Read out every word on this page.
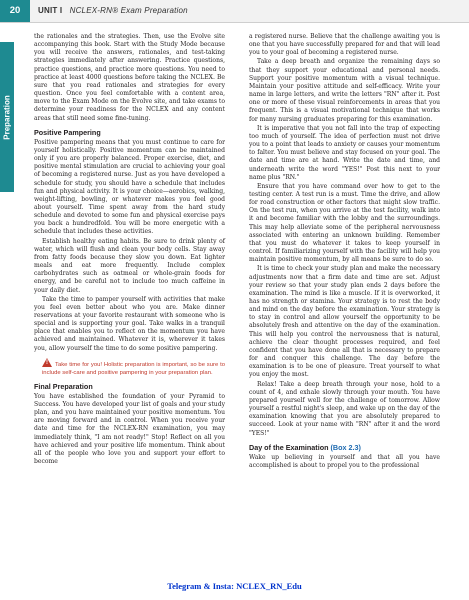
20	UNIT I NCLEX-RN® Exam Preparation
Preparation

the rationales and the strategies. Then, use the Evolve site accompanying this book. Start with the Study Mode because you will receive the answers, rationales, and test-taking strategies immediately after answering. Practice questions, practice questions, and practice more questions. You need to practice at least 4000 questions before taking the NCLEX. Be sure that you read rationales and strategies for every question. Once you feel comfortable with a content area, move to the Exam Mode on the Evolve site, and take exams to determine your readiness for the NCLEX and any content areas that still need some fine-tuning.

Positive Pampering

Positive pampering means that you must continue to care for yourself holistically. Positive momentum can be maintained only if you are properly balanced. Proper exercise, diet, and positive mental stimulation are crucial to achieving your goal of becoming a registered nurse. Just as you have developed a schedule for study, you should have a schedule that includes fun and physical activity. It is your choice—aerobics, walking, weight-lifting, bowling, or whatever makes you feel good about yourself. Time spent away from the hard study schedule and devoted to some fun and physical exercise pays you back a hundredfold. You will be more energetic with a schedule that includes these activities.

Establish healthy eating habits. Be sure to drink plenty of water, which will flush and clean your body cells. Stay away from fatty foods because they slow you down. Eat lighter meals and eat more frequently. Include complex carbohydrates such as oatmeal or whole-grain foods for energy, and be careful not to include too much caffeine in your daily diet.

Take the time to pamper yourself with activities that make you feel even better about who you are. Make dinner reservations at your favorite restaurant with someone who is special and is supporting your goal. Take walks in a tranquil place that enables you to reflect on the momentum you have achieved and maintained. Whatever it is, wherever it takes you, allow yourself the time to do some positive pampering.

!Take time for you! Holistic preparation is important, so be sure to include self-care and positive pampering in your preparation plan.
Final Preparation

You have established the foundation of your Pyramid to Success. You have developed your list of goals and your study plan, and you have maintained your positive momentum. You are moving forward and in control. When you receive your date and time for the NCLEX-RN examination, you may immediately think, "I am not ready!" Stop! Reflect on all you have achieved and your positive life momentum. Think about all of the people who love you and support your effort to become

a registered nurse. Believe that the challenge awaiting you is one that you have successfully prepared for and that will lead you to your goal of becoming a registered nurse.

Take a deep breath and organize the remaining days so that they support your educational and personal needs. Support your positive momentum with a visual technique. Maintain your positive attitude and self-efficacy. Write your name in large letters, and write the letters "RN" after it. Post one or more of these visual reinforcements in areas that you frequent. This is a visual motivational technique that works for many nursing graduates preparing for this examination.

It is imperative that you not fall into the trap of expecting too much of yourself. The idea of perfection must not drive you to a point that leads to anxiety or causes your momentum to falter. You must believe and stay focused on your goal. The date and time are at hand. Write the date and time, and underneath write the word "YES!" Post this next to your name plus "RN."

Ensure that you have command over how to get to the testing center. A test run is a must. Time the drive, and allow for road construction or other factors that might slow traffic. On the test run, when you arrive at the test facility, walk into it and become familiar with the lobby and the surroundings. This may help alleviate some of the peripheral nervousness associated with entering an unknown building. Remember that you must do whatever it takes to keep yourself in control. If familiarizing yourself with the facility will help you maintain positive momentum, by all means be sure to do so.

It is time to check your study plan and make the necessary adjustments now that a firm date and time are set. Adjust your review so that your study plan ends 2 days before the examination. The mind is like a muscle. If it is overworked, it has no strength or stamina. Your strategy is to rest the body and mind on the day before the examination. Your strategy is to stay in control and allow yourself the opportunity to be absolutely fresh and attentive on the day of the examination. This will help you control the nervousness that is natural, achieve the clear thought processes required, and feel confident that you have done all that is necessary to prepare for and conquer this challenge. The day before the examination is to be one of pleasure. Treat yourself to what you enjoy the most.

Relax! Take a deep breath through your nose, hold to a count of 4, and exhale slowly through your mouth. You have prepared yourself well for the challenge of tomorrow. Allow yourself a restful night's sleep, and wake up on the day of the examination knowing that you are absolutely prepared to succeed. Look at your name with "RN" after it and the word "YES!"

Day of the Examination (Box 2.3)

Wake up believing in yourself and that all you have accomplished is about to propel you to the professional

Telegram & Insta: NCLEX_RN_Edu
